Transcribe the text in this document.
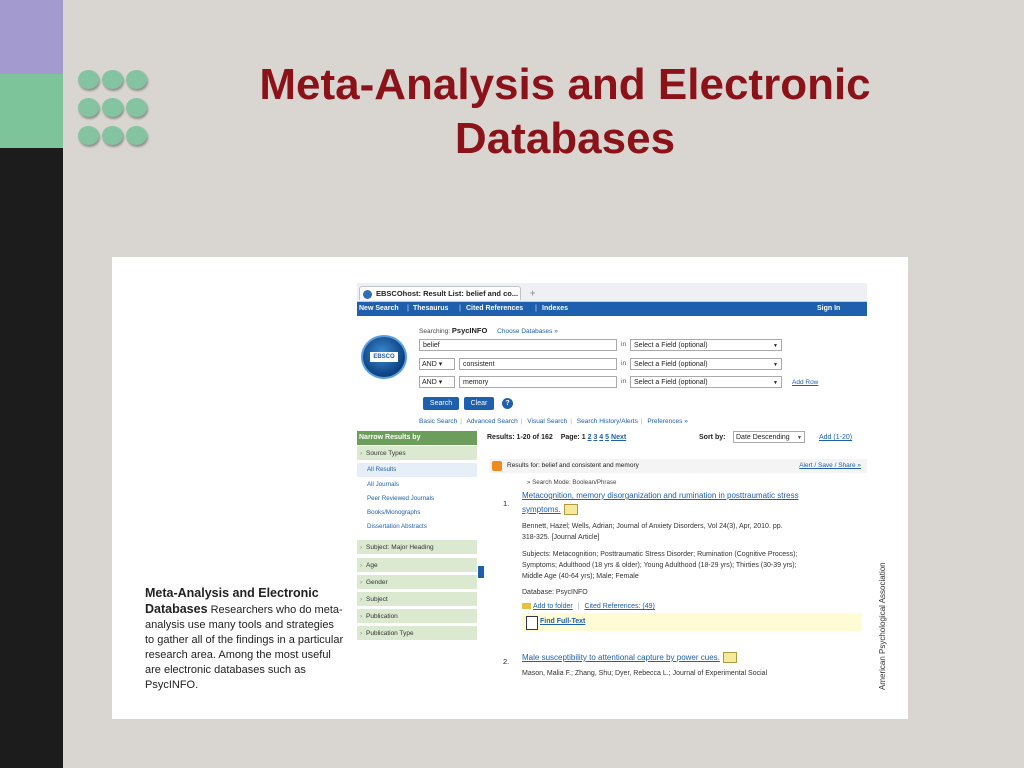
Meta-Analysis and Electronic
Databases
Meta-Analysis and Electronic Databases Researchers who do meta-analysis use many tools and strategies to gather all of the findings in a particular research area. Among the most useful are electronic databases such as PsycINFO.	American Psychological Association
EBSCOhost: Result List: belief and co... +
New Search | Thesaurus | Cited References | Indexes	Sign In
EBSCO
Searching: PsycINFO Choose Databases »
belief	in	Select a Field (optional) ▼
AND ▾	consistent	in	Select a Field (optional) ▼
AND ▾	memory	in	Select a Field (optional) ▼	Add Row
Search	Clear	?
Basic Search | Advanced Search | Visual Search | Search History/Alerts | Preferences »
Narrow Results by
› Source Types
All Results
All Journals
Peer Reviewed Journals
Books/Monographs
Dissertation Abstracts
› Subject: Major Heading
› Age
› Gender
› Subject
› Publication
› Publication Type
Results: 1-20 of 162 Page: 1 2 3 4 5 Next	Sort by:	Date Descending ▼	Add (1-20)
Results for: belief and consistent and memory	Alert / Save / Share »
» Search Mode: Boolean/Phrase
1.
Metacognition, memory disorganization and rumination in posttraumatic stress
symptoms.
Bennett, Hazel; Wells, Adrian; Journal of Anxiety Disorders, Vol 24(3), Apr, 2010. pp.
318-325. [Journal Article]
Subjects: Metacognition; Posttraumatic Stress Disorder; Rumination (Cognitive Process);
Symptoms; Adulthood (18 yrs & older); Young Adulthood (18-29 yrs); Thirties (30-39 yrs);
Middle Age (40-64 yrs); Male; Female
Database: PsycINFO
Add to folder | Cited References: (49)
Find Full-Text
2. Male susceptibility to attentional capture by power cues.
Mason, Malia F.; Zhang, Shu; Dyer, Rebecca L.; Journal of Experimental Social
